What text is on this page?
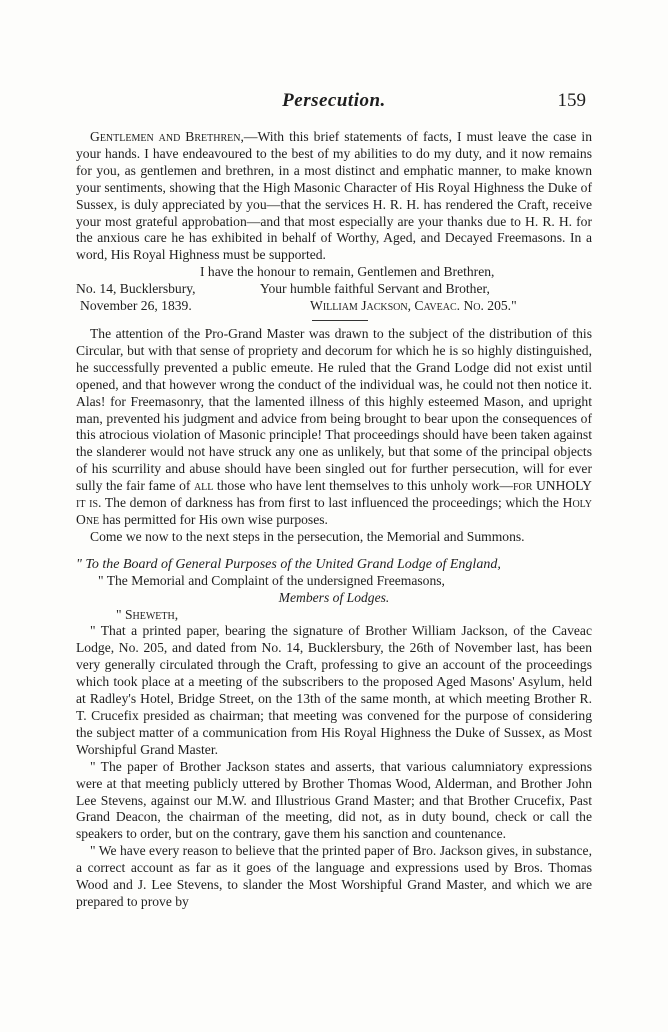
Persecution.	159

Gentlemen and Brethren,—With this brief statements of facts, I must leave the case in your hands. I have endeavoured to the best of my abilities to do my duty, and it now remains for you, as gentlemen and brethren, in a most distinct and emphatic manner, to make known your sentiments, showing that the High Masonic Character of His Royal Highness the Duke of Sussex, is duly appreciated by you—that the services H. R. H. has rendered the Craft, receive your most grateful approbation—and that most especially are your thanks due to H. R. H. for the anxious care he has exhibited in behalf of Worthy, Aged, and Decayed Freemasons. In a word, His Royal Highness must be supported.

I have the honour to remain, Gentlemen and Brethren,

No. 14, Bucklersbury,	Your humble faithful Servant and Brother,
November 26, 1839.	William Jackson, Caveac. No. 205."

The attention of the Pro-Grand Master was drawn to the subject of the distribution of this Circular, but with that sense of propriety and decorum for which he is so highly distinguished, he successfully prevented a public emeute. He ruled that the Grand Lodge did not exist until opened, and that however wrong the conduct of the individual was, he could not then notice it. Alas! for Freemasonry, that the lamented illness of this highly esteemed Mason, and upright man, prevented his judgment and advice from being brought to bear upon the consequences of this atrocious violation of Masonic principle! That proceedings should have been taken against the slanderer would not have struck any one as unlikely, but that some of the principal objects of his scurrility and abuse should have been singled out for further persecution, will for ever sully the fair fame of all those who have lent themselves to this unholy work—for UNHOLY it is. The demon of darkness has from first to last influenced the proceedings; which the Holy One has permitted for His own wise purposes.

Come we now to the next steps in the persecution, the Memorial and Summons.

" To the Board of General Purposes of the United Grand Lodge of England,

" The Memorial and Complaint of the undersigned Freemasons,

Members of Lodges.

" Sheweth,

" That a printed paper, bearing the signature of Brother William Jackson, of the Caveac Lodge, No. 205, and dated from No. 14, Bucklersbury, the 26th of November last, has been very generally circulated through the Craft, professing to give an account of the proceedings which took place at a meeting of the subscribers to the proposed Aged Masons' Asylum, held at Radley's Hotel, Bridge Street, on the 13th of the same month, at which meeting Brother R. T. Crucefix presided as chairman; that meeting was convened for the purpose of considering the subject matter of a communication from His Royal Highness the Duke of Sussex, as Most Worshipful Grand Master.

" The paper of Brother Jackson states and asserts, that various calumniatory expressions were at that meeting publicly uttered by Brother Thomas Wood, Alderman, and Brother John Lee Stevens, against our M.W. and Illustrious Grand Master; and that Brother Crucefix, Past Grand Deacon, the chairman of the meeting, did not, as in duty bound, check or call the speakers to order, but on the contrary, gave them his sanction and countenance.

" We have every reason to believe that the printed paper of Bro. Jackson gives, in substance, a correct account as far as it goes of the language and expressions used by Bros. Thomas Wood and J. Lee Stevens, to slander the Most Worshipful Grand Master, and which we are prepared to prove by
